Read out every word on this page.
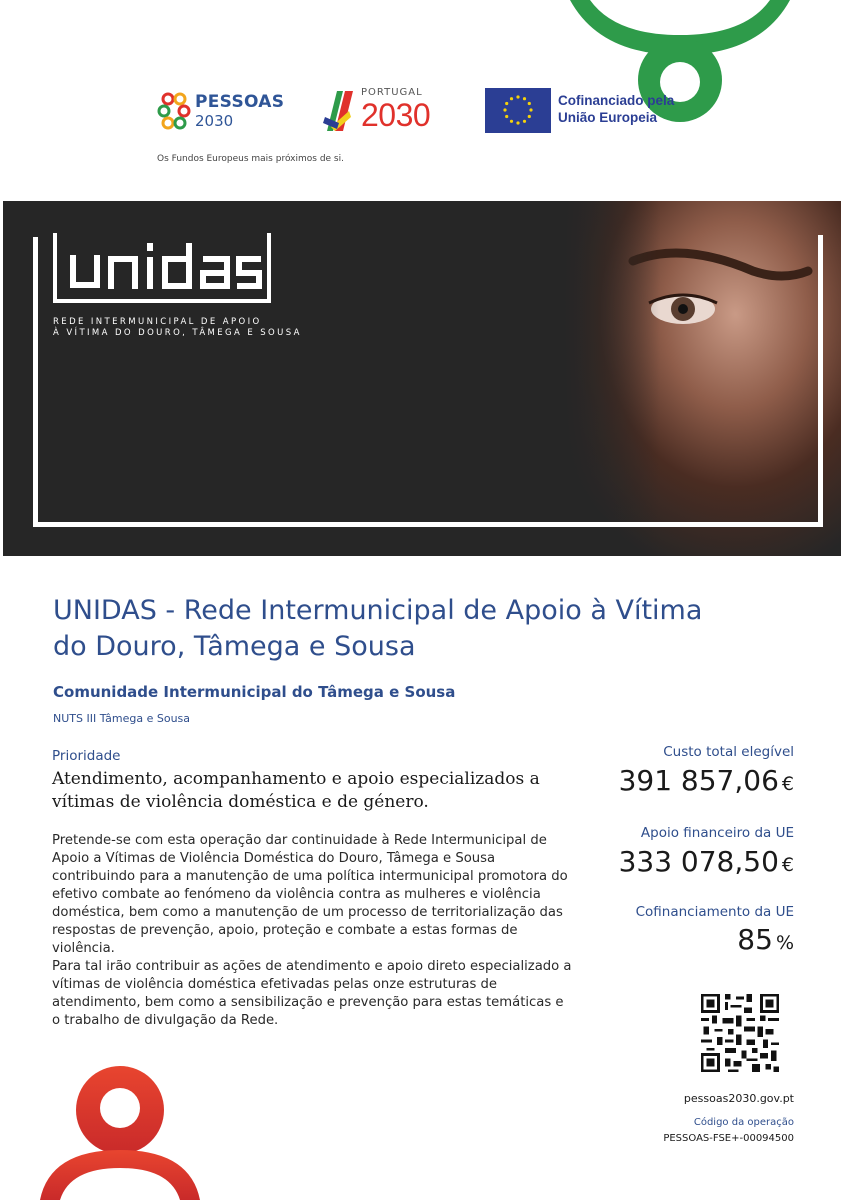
PESSOAS
2030
Os Fundos Europeus mais próximos de si.
PORTUGAL
2030	Cofinanciado pela
União Europeia
REDE INTERMUNICIPAL DE APOIO
À VÍTIMA DO DOURO, TÂMEGA E SOUSA
UNIDAS - Rede Intermunicipal de Apoio à Vítima
do Douro, Tâmega e Sousa
Comunidade Intermunicipal do Tâmega e Sousa
NUTS III Tâmega e Sousa
Prioridade
Atendimento, acompanhamento e apoio especializados a vítimas de violência doméstica e de género.

Pretende-se com esta operação dar continuidade à Rede Intermunicipal de Apoio a Vítimas de Violência Doméstica do Douro, Tâmega e Sousa contribuindo para a manutenção de uma política intermunicipal promotora do efetivo combate ao fenómeno da violência contra as mulheres e violência doméstica, bem como a manutenção de um processo de territorialização das respostas de prevenção, apoio, proteção e combate a estas formas de violência.

Para tal irão contribuir as ações de atendimento e apoio direto especializado a vítimas de violência doméstica efetivadas pelas onze estruturas de atendimento, bem como a sensibilização e prevenção para estas temáticas e o trabalho de divulgação da Rede.

Custo total elegível
391 857,06 €
Apoio financeiro da UE
333 078,50 €
Cofinanciamento da UE
85 %
pessoas2030.gov.pt
Código da operação
PESSOAS-FSE+-00094500
